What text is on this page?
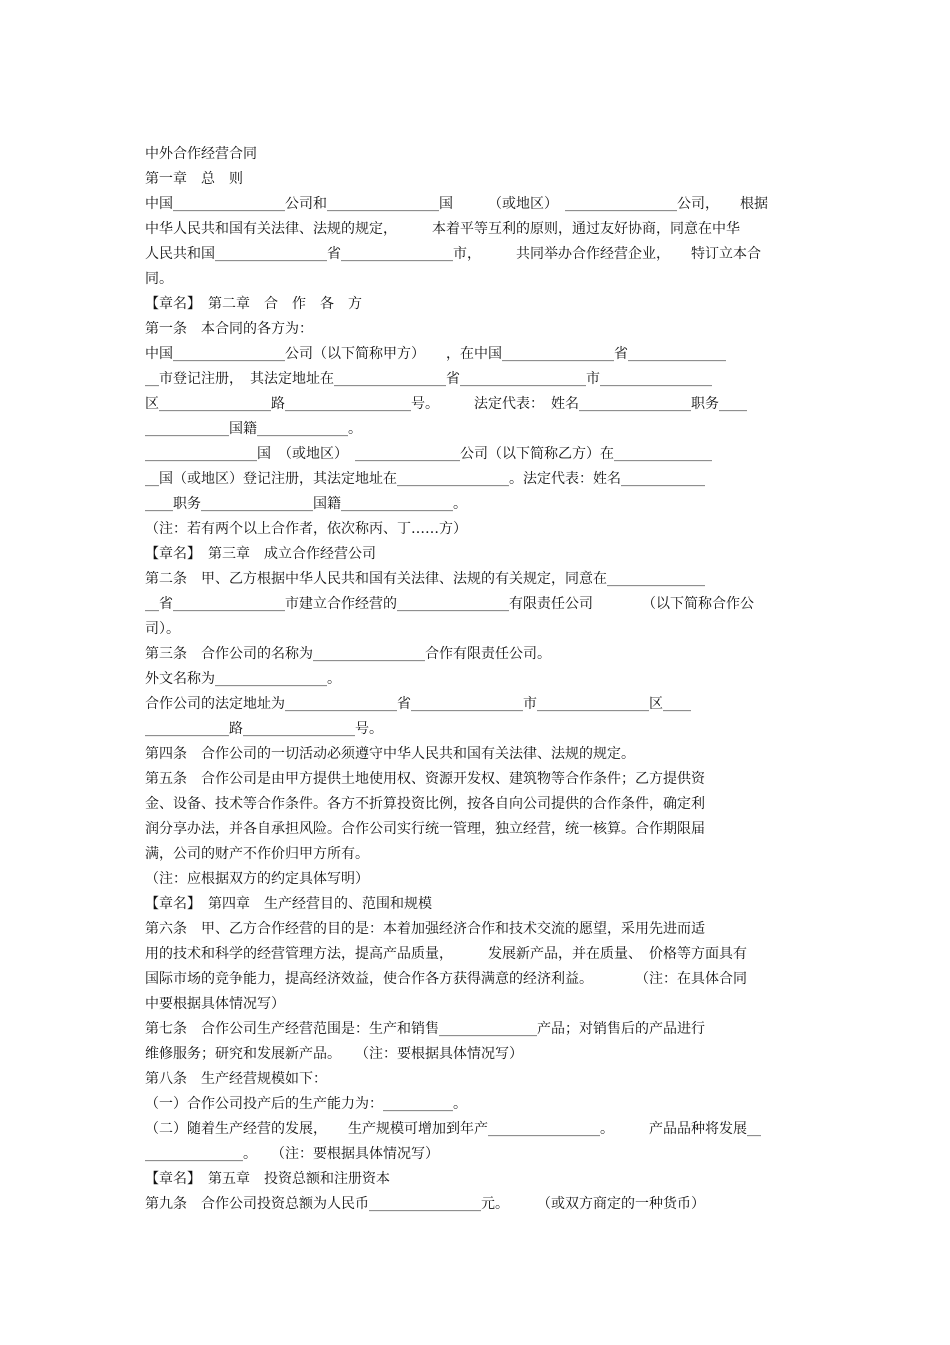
中外合作经营合同
第一章　总　则
中国________________公司和________________国　　　（或地区）　________________公司，　　根据
中华人民共和国有关法律、法规的规定，　　　本着平等互利的原则，通过友好协商，同意在中华
人民共和国________________省________________市，　　　共同举办合作经营企业，　　特订立本合
同。
【章名】　第二章　合　作　各　方
第一条　本合同的各方为：
中国________________公司（以下简称甲方）　　，在中国________________省______________
__市登记注册，　其法定地址在________________省__________________市________________
区________________路__________________号。　　　法定代表：　姓名________________职务____
____________国籍_____________。
________________国　（或地区）　_______________公司（以下简称乙方）在______________
__国（或地区）登记注册，其法定地址在________________。法定代表：姓名____________
____职务________________国籍________________。
（注：若有两个以上合作者，依次称丙、丁……方）
【章名】　第三章　成立合作经营公司
第二条　甲、乙方根据中华人民共和国有关法律、法规的有关规定，同意在______________
__省________________市建立合作经营的________________有限责任公司　　　　（以下简称合作公
司）。
第三条　合作公司的名称为________________合作有限责任公司。
外文名称为________________。
合作公司的法定地址为________________省________________市________________区____
____________路________________号。
第四条　合作公司的一切活动必须遵守中华人民共和国有关法律、法规的规定。
第五条　合作公司是由甲方提供土地使用权、资源开发权、建筑物等合作条件；乙方提供资
金、设备、技术等合作条件。各方不折算投资比例，按各自向公司提供的合作条件，确定利
润分享办法，并各自承担风险。合作公司实行统一管理，独立经营，统一核算。合作期限届
满，公司的财产不作价归甲方所有。
（注：应根据双方的约定具体写明）
【章名】　第四章　生产经营目的、范围和规模
第六条　甲、乙方合作经营的目的是：本着加强经济合作和技术交流的愿望，采用先进而适
用的技术和科学的经营管理方法，提高产品质量，　　　发展新产品，并在质量、　价格等方面具有
国际市场的竞争能力，提高经济效益，使合作各方获得满意的经济利益。　　　　（注：在具体合同
中要根据具体情况写）
第七条　合作公司生产经营范围是：生产和销售______________产品；对销售后的产品进行
维修服务；研究和发展新产品。　　（注：要根据具体情况写）
第八条　生产经营规模如下：
（一）合作公司投产后的生产能力为：__________。
（二）随着生产经营的发展，　　生产规模可增加到年产________________。　　　产品品种将发展__
______________。　　（注：要根据具体情况写）
【章名】　第五章　投资总额和注册资本
第九条　合作公司投资总额为人民币________________元。　　　（或双方商定的一种货币）
